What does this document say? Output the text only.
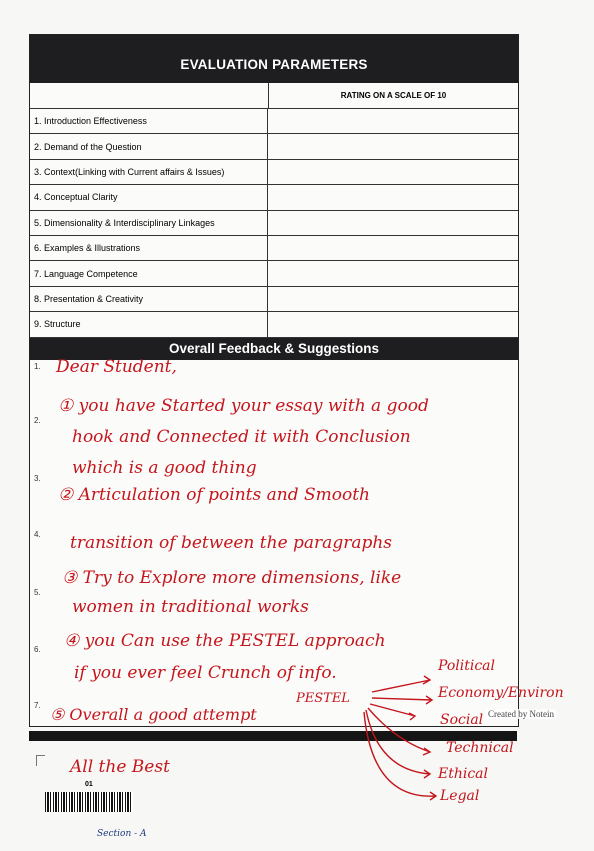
EVALUATION PARAMETERS
RATING ON A SCALE OF 10
1. Introduction Effectiveness
2. Demand of the Question
3. Context(Linking with Current affairs & Issues)
4. Conceptual Clarity
5. Dimensionality & Interdisciplinary Linkages
6. Examples & Illustrations
7. Language Competence
8. Presentation & Creativity
9. Structure
Overall Feedback & Suggestions
1.
2.
3.
4.
5.
6.
7.
01
Section - A
Dear Student,
① you have Started your essay with a good
hook and Connected it with Conclusion
which is a good thing
② Articulation of points and Smooth
transition of between the paragraphs
③ Try to Explore more dimensions, like
women in traditional works
④ you Can use the PESTEL approach
if you ever feel Crunch of info.
⑤ Overall a good attempt
All the Best
PESTEL
Political
Economy/Environ
Social
Technical
Ethical
Legal
Created by Notein
